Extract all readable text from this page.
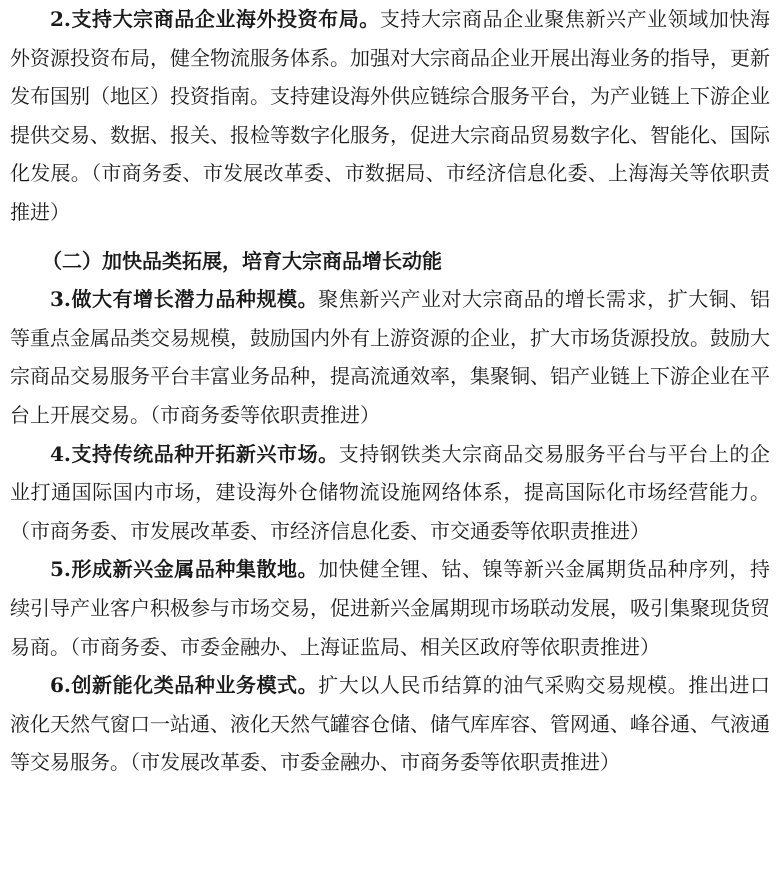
2.支持大宗商品企业海外投资布局。支持大宗商品企业聚焦新兴产业领域加快海外资源投资布局，健全物流服务体系。加强对大宗商品企业开展出海业务的指导，更新发布国别（地区）投资指南。支持建设海外供应链综合服务平台，为产业链上下游企业提供交易、数据、报关、报检等数字化服务，促进大宗商品贸易数字化、智能化、国际化发展。（市商务委、市发展改革委、市数据局、市经济信息化委、上海海关等依职责推进）

（二）加快品类拓展，培育大宗商品增长动能

3.做大有增长潜力品种规模。聚焦新兴产业对大宗商品的增长需求，扩大铜、铝等重点金属品类交易规模，鼓励国内外有上游资源的企业，扩大市场货源投放。鼓励大宗商品交易服务平台丰富业务品种，提高流通效率，集聚铜、铝产业链上下游企业在平台上开展交易。（市商务委等依职责推进）

4.支持传统品种开拓新兴市场。支持钢铁类大宗商品交易服务平台与平台上的企业打通国际国内市场，建设海外仓储物流设施网络体系，提高国际化市场经营能力。（市商务委、市发展改革委、市经济信息化委、市交通委等依职责推进）

5.形成新兴金属品种集散地。加快健全锂、钴、镍等新兴金属期货品种序列，持续引导产业客户积极参与市场交易，促进新兴金属期现市场联动发展，吸引集聚现货贸易商。（市商务委、市委金融办、上海证监局、相关区政府等依职责推进）

6.创新能化类品种业务模式。扩大以人民币结算的油气采购交易规模。推出进口液化天然气窗口一站通、液化天然气罐容仓储、储气库库容、管网通、峰谷通、气液通等交易服务。（市发展改革委、市委金融办、市商务委等依职责推进）
